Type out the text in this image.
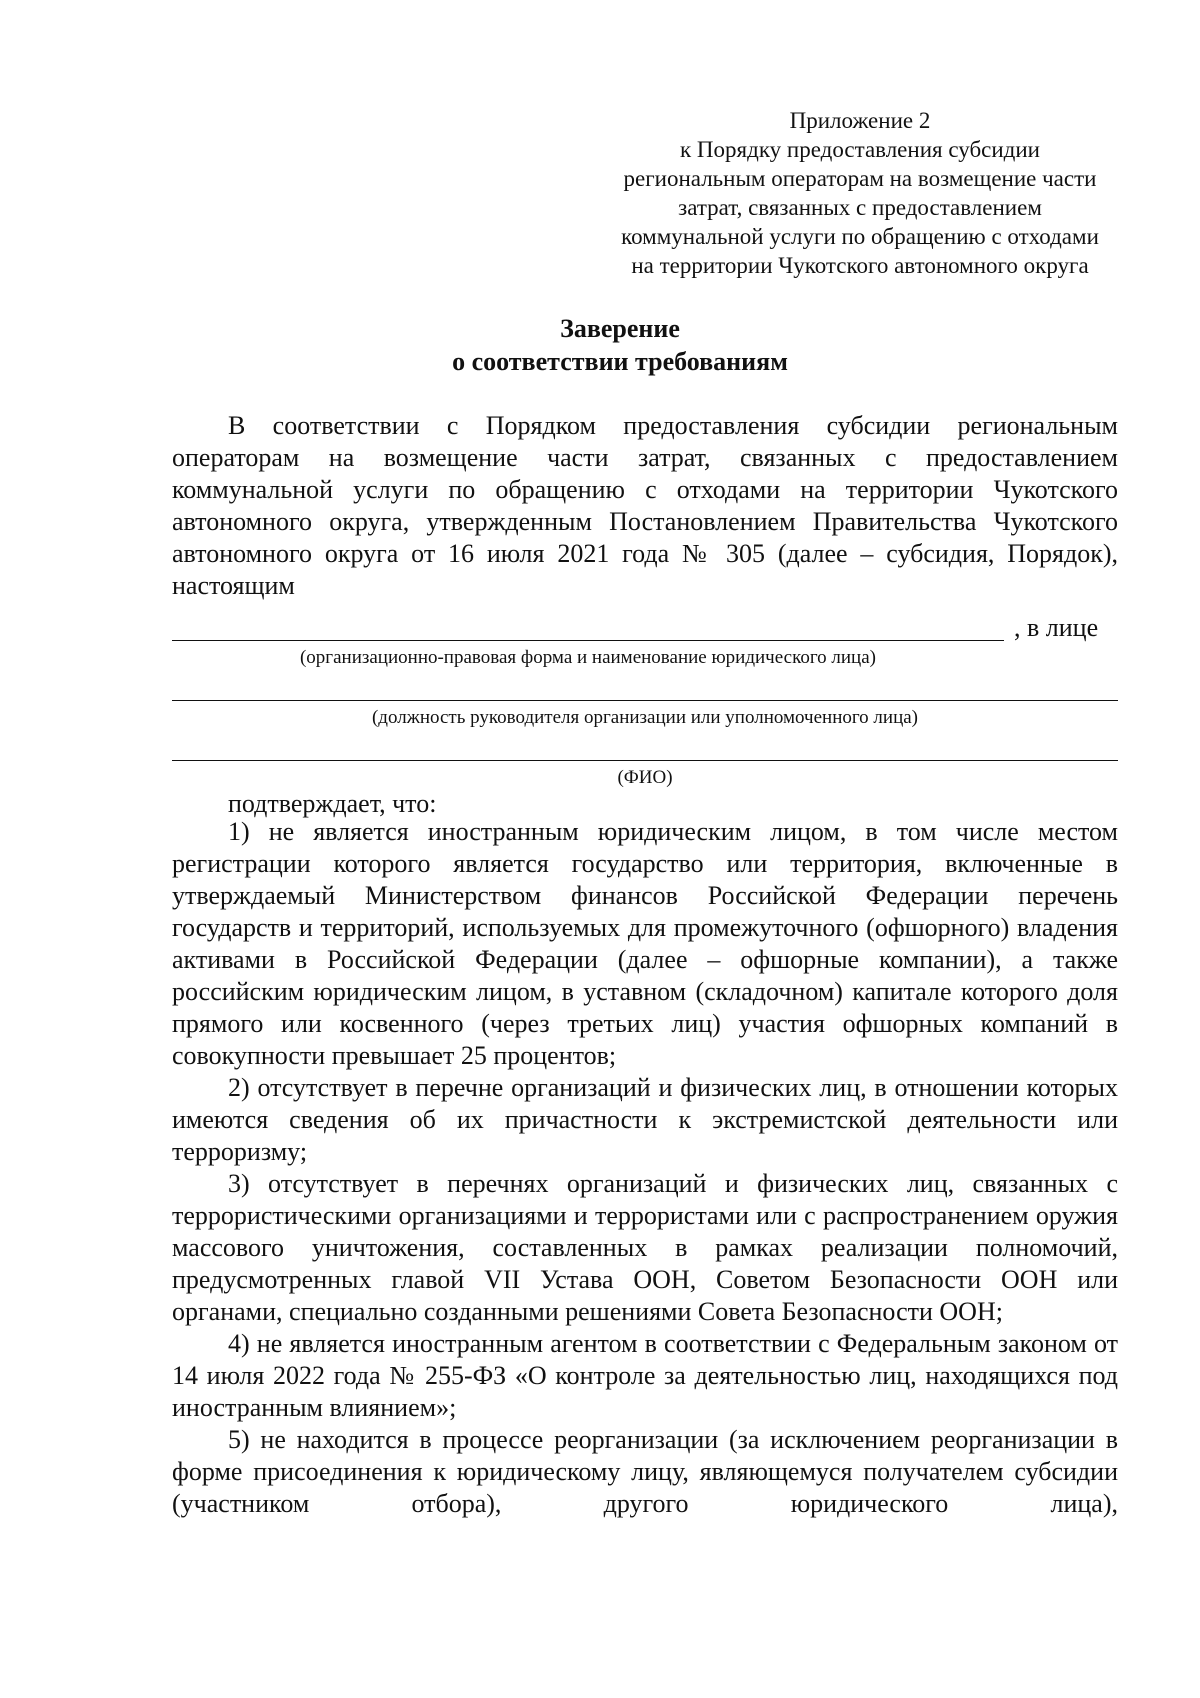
Приложение 2
к Порядку предоставления субсидии
региональным операторам на возмещение части
затрат, связанных с предоставлением
коммунальной услуги по обращению с отходами
на территории Чукотского автономного округа
Заверение
о соответствии требованиям

В соответствии с Порядком предоставления субсидии региональным операторам на возмещение части затрат, связанных с предоставлением коммунальной услуги по обращению с отходами на территории Чукотского автономного округа, утвержденным Постановлением Правительства Чукотского автономного округа от 16 июля 2021 года № 305 (далее – субсидия, Порядок), настоящим

, в лице
(организационно-правовая форма и наименование юридического лица)
(должность руководителя организации или уполномоченного лица)
(ФИО)
подтверждает, что:

1) не является иностранным юридическим лицом, в том числе местом регистрации которого является государство или территория, включенные в утверждаемый Министерством финансов Российской Федерации перечень государств и территорий, используемых для промежуточного (офшорного) владения активами в Российской Федерации (далее – офшорные компании), а также российским юридическим лицом, в уставном (складочном) капитале которого доля прямого или косвенного (через третьих лиц) участия офшорных компаний в совокупности превышает 25 процентов;

2) отсутствует в перечне организаций и физических лиц, в отношении которых имеются сведения об их причастности к экстремистской деятельности или терроризму;

3) отсутствует в перечнях организаций и физических лиц, связанных с террористическими организациями и террористами или с распространением оружия массового уничтожения, составленных в рамках реализации полномочий, предусмотренных главой VII Устава ООН, Советом Безопасности ООН или органами, специально созданными решениями Совета Безопасности ООН;

4) не является иностранным агентом в соответствии с Федеральным законом от 14 июля 2022 года № 255-ФЗ «О контроле за деятельностью лиц, находящихся под иностранным влиянием»;

5) не находится в процессе реорганизации (за исключением реорганизации в форме присоединения к юридическому лицу, являющемуся получателем субсидии (участником отбора), другого юридического лица),
